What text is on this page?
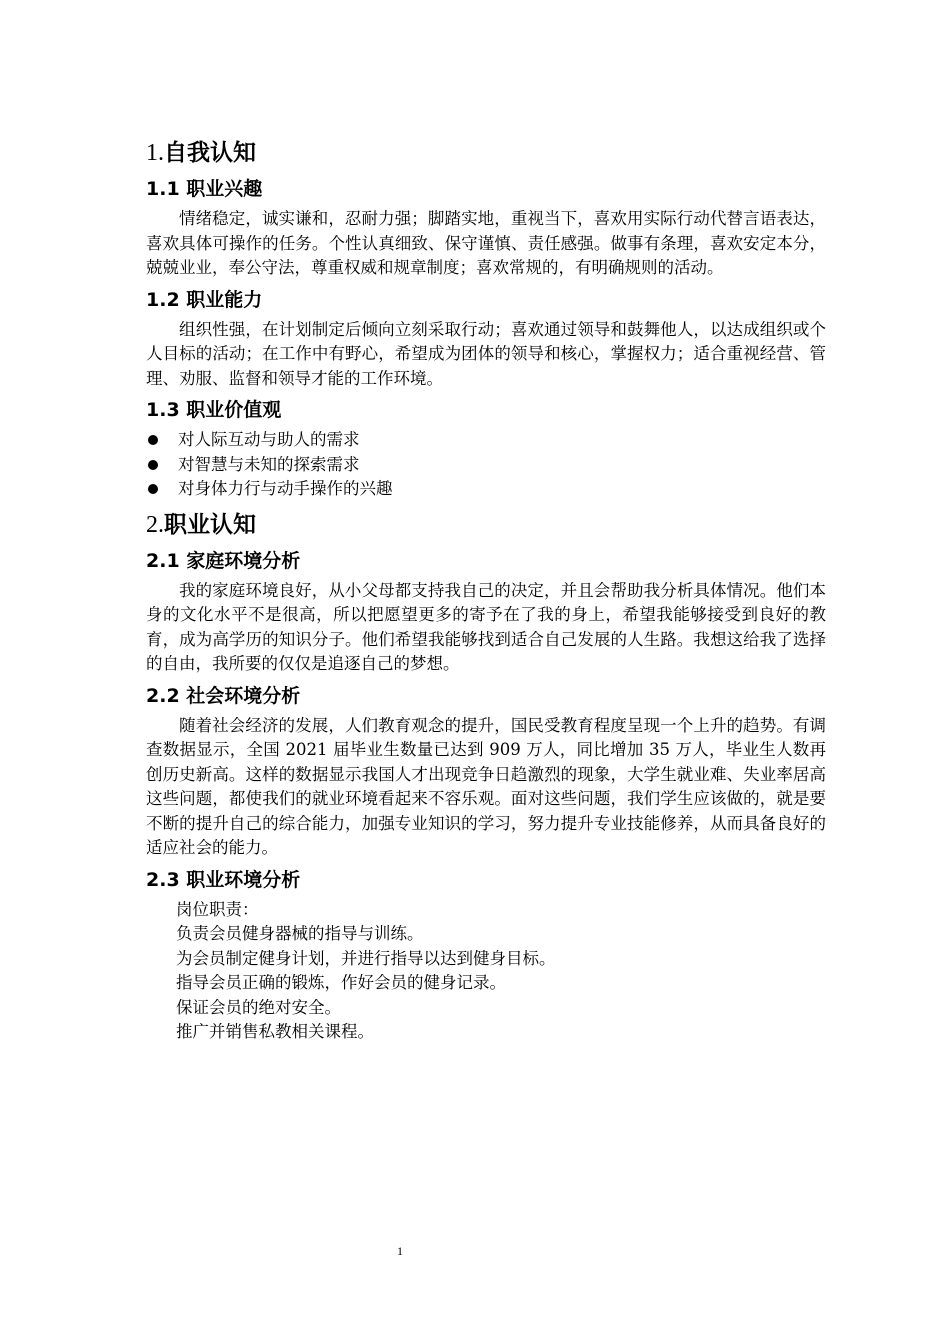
1.自我认知
1.1 职业兴趣

情绪稳定，诚实谦和，忍耐力强；脚踏实地，重视当下，喜欢用实际行动代替言语表达，喜欢具体可操作的任务。个性认真细致、保守谨慎、责任感强。做事有条理，喜欢安定本分，兢兢业业，奉公守法，尊重权威和规章制度；喜欢常规的，有明确规则的活动。

1.2 职业能力

组织性强，在计划制定后倾向立刻采取行动；喜欢通过领导和鼓舞他人，以达成组织或个人目标的活动；在工作中有野心，希望成为团体的领导和核心，掌握权力；适合重视经营、管理、劝服、监督和领导才能的工作环境。

1.3 职业价值观
对人际互动与助人的需求
对智慧与未知的探索需求
对身体力行与动手操作的兴趣
2.职业认知
2.1 家庭环境分析

我的家庭环境良好，从小父母都支持我自己的决定，并且会帮助我分析具体情况。他们本身的文化水平不是很高，所以把愿望更多的寄予在了我的身上，希望我能够接受到良好的教育，成为高学历的知识分子。他们希望我能够找到适合自己发展的人生路。我想这给我了选择的自由，我所要的仅仅是追逐自己的梦想。

2.2 社会环境分析

随着社会经济的发展，人们教育观念的提升，国民受教育程度呈现一个上升的趋势。有调查数据显示，全国 2021 届毕业生数量已达到 909 万人，同比增加 35 万人，毕业生人数再创历史新高。这样的数据显示我国人才出现竞争日趋激烈的现象，大学生就业难、失业率居高这些问题，都使我们的就业环境看起来不容乐观。面对这些问题，我们学生应该做的，就是要不断的提升自己的综合能力，加强专业知识的学习，努力提升专业技能修养，从而具备良好的适应社会的能力。

2.3 职业环境分析
岗位职责：
负责会员健身器械的指导与训练。
为会员制定健身计划，并进行指导以达到健身目标。
指导会员正确的锻炼，作好会员的健身记录。
保证会员的绝对安全。
推广并销售私教相关课程。
1
